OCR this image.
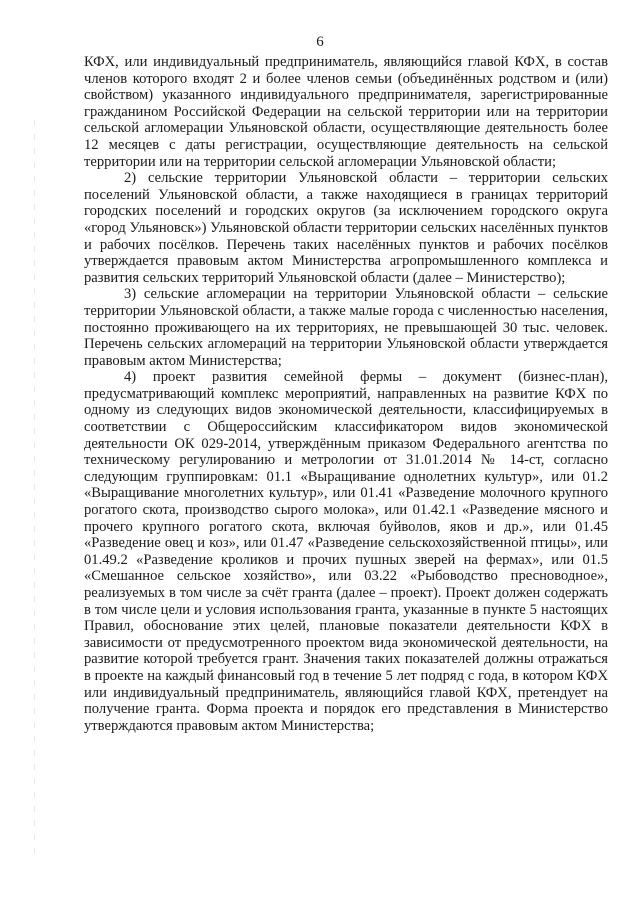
6

КФХ, или индивидуальный предприниматель, являющийся главой КФХ, в состав членов которого входят 2 и более членов семьи (объединённых родством и (или) свойством) указанного индивидуального предпринимателя, зарегистрированные гражданином Российской Федерации на сельской территории или на территории сельской агломерации Ульяновской области, осуществляющие деятельность более 12 месяцев с даты регистрации, осуществляющие деятельность на сельской территории или на территории сельской агломерации Ульяновской области;

2) сельские территории Ульяновской области – территории сельских поселений Ульяновской области, а также находящиеся в границах территорий городских поселений и городских округов (за исключением городского округа «город Ульяновск») Ульяновской области территории сельских населённых пунктов и рабочих посёлков. Перечень таких населённых пунктов и рабочих посёлков утверждается правовым актом Министерства агропромышленного комплекса и развития сельских территорий Ульяновской области (далее – Министерство);

3) сельские агломерации на территории Ульяновской области – сельские территории Ульяновской области, а также малые города с численностью населения, постоянно проживающего на их территориях, не превышающей 30 тыс. человек. Перечень сельских агломераций на территории Ульяновской области утверждается правовым актом Министерства;

4) проект развития семейной фермы – документ (бизнес-план), предусматривающий комплекс мероприятий, направленных на развитие КФХ по одному из следующих видов экономической деятельности, классифицируемых в соответствии с Общероссийским классификатором видов экономической деятельности ОК 029-2014, утверждённым приказом Федерального агентства по техническому регулированию и метрологии от 31.01.2014 № 14-ст, согласно следующим группировкам: 01.1 «Выращивание однолетних культур», или 01.2 «Выращивание многолетних культур», или 01.41 «Разведение молочного крупного рогатого скота, производство сырого молока», или 01.42.1 «Разведение мясного и прочего крупного рогатого скота, включая буйволов, яков и др.», или 01.45 «Разведение овец и коз», или 01.47 «Разведение сельскохозяйственной птицы», или 01.49.2 «Разведение кроликов и прочих пушных зверей на фермах», или 01.5 «Смешанное сельское хозяйство», или 03.22 «Рыбоводство пресноводное», реализуемых в том числе за счёт гранта (далее – проект). Проект должен содержать в том числе цели и условия использования гранта, указанные в пункте 5 настоящих Правил, обоснование этих целей, плановые показатели деятельности КФХ в зависимости от предусмотренного проектом вида экономической деятельности, на развитие которой требуется грант. Значения таких показателей должны отражаться в проекте на каждый финансовый год в течение 5 лет подряд с года, в котором КФХ или индивидуальный предприниматель, являющийся главой КФХ, претендует на получение гранта. Форма проекта и порядок его представления в Министерство утверждаются правовым актом Министерства;
